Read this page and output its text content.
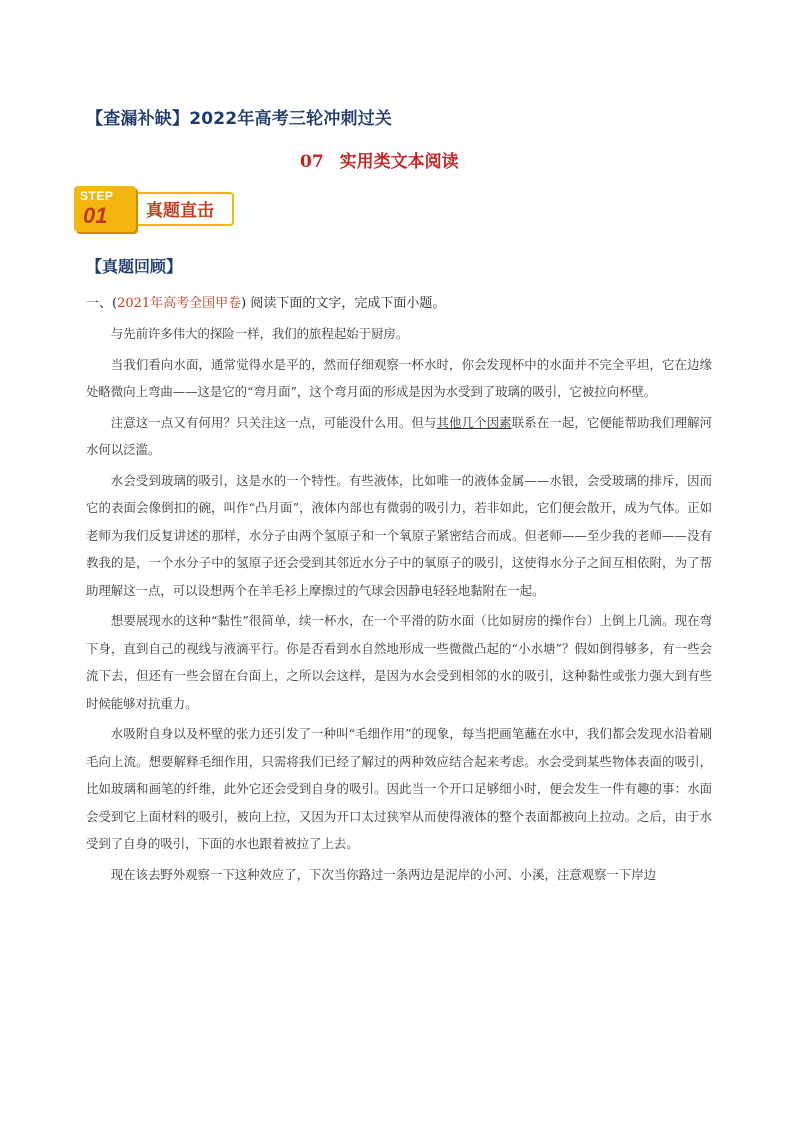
【查漏补缺】2022年高考三轮冲刺过关
07 实用类文本阅读
STEP
01 真题直击
【真题回顾】
一、(2021年高考全国甲卷) 阅读下面的文字，完成下面小题。

与先前许多伟大的探险一样，我们的旅程起始于厨房。

当我们看向水面，通常觉得水是平的，然而仔细观察一杯水时，你会发现杯中的水面并不完全平坦，它在边缘处略微向上弯曲——这是它的“弯月面”，这个弯月面的形成是因为水受到了玻璃的吸引，它被拉向杯壁。

注意这一点又有何用？只关注这一点，可能没什么用。但与其他几个因素联系在一起，它便能帮助我们理解河水何以泛滥。

水会受到玻璃的吸引，这是水的一个特性。有些液体，比如唯一的液体金属——水银，会受玻璃的排斥，因而它的表面会像倒扣的碗，叫作“凸月面”，液体内部也有微弱的吸引力，若非如此，它们便会散开，成为气体。正如老师为我们反复讲述的那样，水分子由两个氢原子和一个氧原子紧密结合而成。但老师——至少我的老师——没有教我的是，一个水分子中的氢原子还会受到其邻近水分子中的氧原子的吸引，这使得水分子之间互相依附，为了帮助理解这一点，可以设想两个在羊毛衫上摩擦过的气球会因静电轻轻地黏附在一起。

想要展现水的这种“黏性”很简单，续一杯水，在一个平滑的防水面（比如厨房的操作台）上倒上几滴。现在弯下身，直到自己的视线与液滴平行。你是否看到水自然地形成一些微微凸起的“小水塘”？假如倒得够多，有一些会流下去，但还有一些会留在台面上，之所以会这样，是因为水会受到相邻的水的吸引，这种黏性或张力强大到有些时候能够对抗重力。

水吸附自身以及杯壁的张力还引发了一种叫“毛细作用”的现象，每当把画笔蘸在水中，我们都会发现水沿着刷毛向上流。想要解释毛细作用，只需将我们已经了解过的两种效应结合起来考虑。水会受到某些物体表面的吸引，比如玻璃和画笔的纤维，此外它还会受到自身的吸引。因此当一个开口足够细小时，便会发生一件有趣的事：水面会受到它上面材料的吸引，被向上拉，又因为开口太过狭窄从而使得液体的整个表面都被向上拉动。之后，由于水受到了自身的吸引，下面的水也跟着被拉了上去。

现在该去野外观察一下这种效应了，下次当你路过一条两边是泥岸的小河、小溪，注意观察一下岸边
